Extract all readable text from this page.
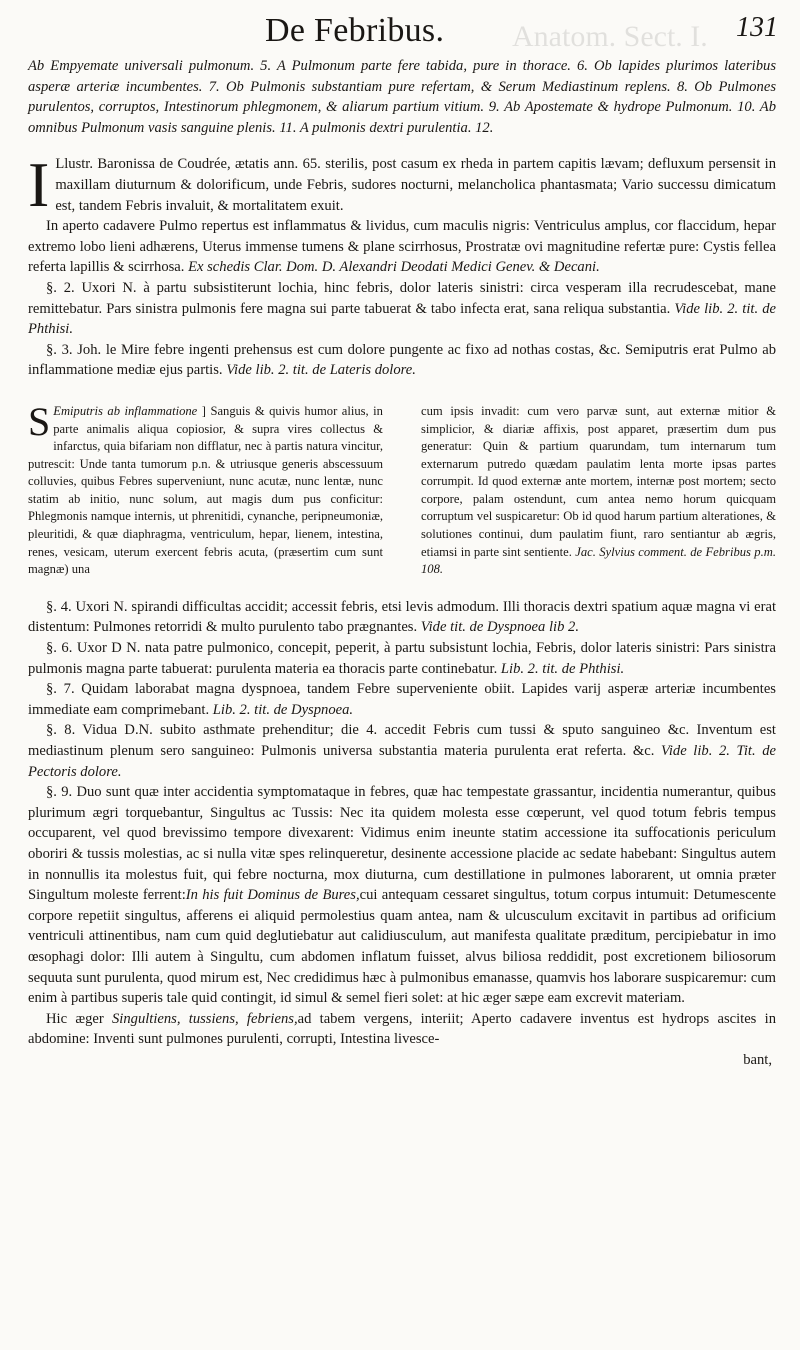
De Febribus. Anatom. Sect. I. 131

Ab Empyemate universali pulmonum. 5. A Pulmonum parte fere tabida, pure in thorace. 6. Ob lapides plurimos lateribus asperæ arteriæ incumbentes. 7. Ob Pulmonis substantiam pure refertam, & Serum Mediastinum replens. 8. Ob Pulmones purulentos, corruptos, Intestinorum phlegmonem, & aliarum partium vitium. 9. Ab Apostemate & hydrope Pulmonum. 10. Ab omnibus Pulmonum vasis sanguine plenis. 11. A pulmonis dextri purulentia. 12.

I Llustr. Baronissa de Coudrée, ætatis ann. 65. sterilis, post casum ex rheda in partem capitis lævam; defluxum persensit in maxillam diuturnum & dolorificum, unde Febris, sudores nocturni, melancholica phantasmata; Vario successu dimicatum est, tandem Febris invaluit, & mortalitatem exuit.

In aperto cadavere Pulmo repertus est inflammatus & lividus, cum maculis nigris: Ventriculus amplus, cor flaccidum, hepar extremo lobo lieni adhærens, Uterus immense tumens & plane scirrhosus, Prostratæ ovi magnitudine refertæ pure: Cystis fellea referta lapillis & scirrhosa. Ex schedis Clar. Dom. D. Alexandri Deodati Medici Genev. & Decani.

§. 2. Uxori N. à partu subsistiterunt lochia, hinc febris, dolor lateris sinistri: circa vesperam illa recrudescebat, mane remittebatur. Pars sinistra pulmonis fere magna sui parte tabuerat & tabo infecta erat, sana reliqua substantia. Vide lib. 2. tit. de Phthisi.

§. 3. Joh. le Mire febre ingenti prehensus est cum dolore pungente ac fixo ad nothas costas, &c. Semiputris erat Pulmo ab inflammatione mediæ ejus partis. Vide lib. 2. tit. de Lateris dolore.

S Emiputris ab inflammatione ] Sanguis & quivis humor alius, in parte animalis aliqua copiosior, & supra vires collectus & infarctus, quia bifariam non difflatur, nec à partis natura vincitur, putrescit: Unde tanta tumorum p.n. & utriusque generis abscessuum colluvies, quibus Febres superveniunt, nunc acutæ, nunc lentæ, nunc statim ab initio, nunc solum, aut magis dum pus conficitur: Phlegmonis namque internis, ut phrenitidi, cynanche, peripneumoniæ, pleuritidi, & quæ diaphragma, ventriculum, hepar, lienem, intestina, renes, vesicam, uterum exercent febris acuta, (præsertim cum sunt magnæ) una
cum ipsis invadit: cum vero parvæ sunt, aut externæ mitior & simplicior, & diariæ affixis, post apparet, præsertim dum pus generatur: Quin & partium quarundam, tum internarum tum externarum putredo quædam paulatim lenta morte ipsas partes corrumpit. Id quod externæ ante mortem, internæ post mortem; secto corpore, palam ostendunt, cum antea nemo horum quicquam corruptum vel suspicaretur: Ob id quod harum partium alterationes, & solutiones continui, dum paulatim fiunt, raro sentiantur ab ægris, etiamsi in parte sint sentiente. Jac. Sylvius comment. de Febribus p.m. 108.

§. 4. Uxori N. spirandi difficultas accidit; accessit febris, etsi levis admodum. Illi thoracis dextri spatium aquæ magna vi erat distentum: Pulmones retorridi & multo purulento tabo prægnantes. Vide tit. de Dyspnoea lib 2.

§. 6. Uxor D N. nata patre pulmonico, concepit, peperit, à partu subsistunt lochia, Febris, dolor lateris sinistri: Pars sinistra pulmonis magna parte tabuerat: purulenta materia ea thoracis parte continebatur. Lib. 2. tit. de Phthisi.

§. 7. Quidam laborabat magna dyspnoea, tandem Febre superveniente obiit. Lapides varij asperæ arteriæ incumbentes immediate eam comprimebant. Lib. 2. tit. de Dyspnoea.

§. 8. Vidua D.N. subito asthmate prehenditur; die 4. accedit Febris cum tussi & sputo sanguineo &c. Inventum est mediastinum plenum sero sanguineo: Pulmonis universa substantia materia purulenta erat referta. &c. Vide lib. 2. Tit. de Pectoris dolore.

§. 9. Duo sunt quæ inter accidentia symptomataque in febres, quæ hac tempestate grassantur, incidentia numerantur, quibus plurimum ægri torquebantur, Singultus ac Tussis: Nec ita quidem molesta esse cœperunt, vel quod totum febris tempus occuparent, vel quod brevissimo tempore divexarent: Vidimus enim ineunte statim accessione ita suffocationis periculum oboriri & tussis molestias, ac si nulla vitæ spes relinqueretur, desinente accessione placide ac sedate habebant: Singultus autem in nonnullis ita molestus fuit, qui febre nocturna, mox diuturna, cum destillatione in pulmones laborarent, ut omnia præter Singultum moleste ferrent:In his fuit Dominus de Bures,cui antequam cessaret singultus, totum corpus intumuit: Detumescente corpore repetiit singultus, afferens ei aliquid permolestius quam antea, nam & ulcusculum excitavit in partibus ad orificium ventriculi attinentibus, nam cum quid deglutiebatur aut calidiusculum, aut manifesta qualitate præditum, percipiebatur in imo œsophagi dolor: Illi autem à Singultu, cum abdomen inflatum fuisset, alvus biliosa reddidit, post excretionem biliosorum sequuta sunt purulenta, quod mirum est, Nec credidimus hæc à pulmonibus emanasse, quamvis hos laborare suspicaremur: cum enim à partibus superis tale quid contingit, id simul & semel fieri solet: at hic æger sæpe eam excrevit materiam.

Hic æger Singultiens, tussiens, febriens,ad tabem vergens, interiit; Aperto cadavere inventus est hydrops ascites in abdomine: Inventi sunt pulmones purulenti, corrupti, Intestina livesce-

bant,
